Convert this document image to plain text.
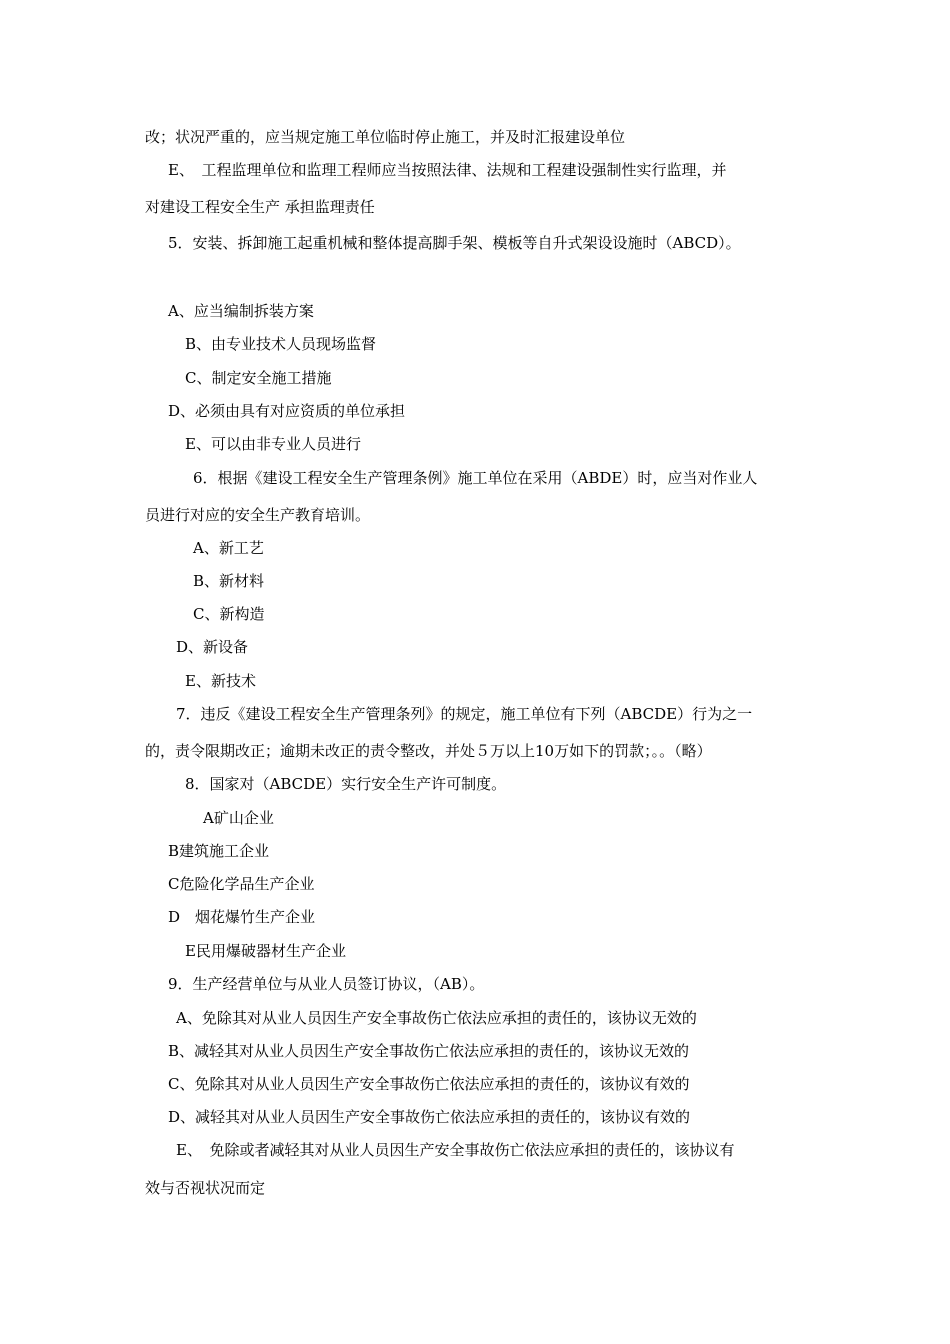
改；状况严重的，应当规定施工单位临时停止施工，并及时汇报建设单位
E、　工程监理单位和监理工程师应当按照法律、法规和工程建设强制性实行监理，并
对建设工程安全生产 承担监理责任
5．安装、拆卸施工起重机械和整体提高脚手架、模板等自升式架设设施时（ABCD）。
A、应当编制拆装方案
B、由专业技术人员现场监督
C、制定安全施工措施
D、必须由具有对应资质的单位承担
E、可以由非专业人员进行
6．根据《建设工程安全生产管理条例》施工单位在采用（ABDE）时，应当对作业人
员进行对应的安全生产教育培训。
A、新工艺
B、新材料
C、新构造
D、新设备
E、新技术
7．违反《建设工程安全生产管理条列》的规定，施工单位有下列（ABCDE）行为之一
的，责令限期改正；逾期未改正的责令整改，并处５万以上10万如下的罚款；。。（略）
8．国家对（ABCDE）实行安全生产许可制度。
A矿山企业
B建筑施工企业
C危险化学品生产企业
D　烟花爆竹生产企业
E民用爆破器材生产企业
9．生产经营单位与从业人员签订协议，（AB）。
A、免除其对从业人员因生产安全事故伤亡依法应承担的责任的，该协议无效的
B、减轻其对从业人员因生产安全事故伤亡依法应承担的责任的，该协议无效的
C、免除其对从业人员因生产安全事故伤亡依法应承担的责任的，该协议有效的
D、减轻其对从业人员因生产安全事故伤亡依法应承担的责任的，该协议有效的
E、　免除或者减轻其对从业人员因生产安全事故伤亡依法应承担的责任的，该协议有
效与否视状况而定
